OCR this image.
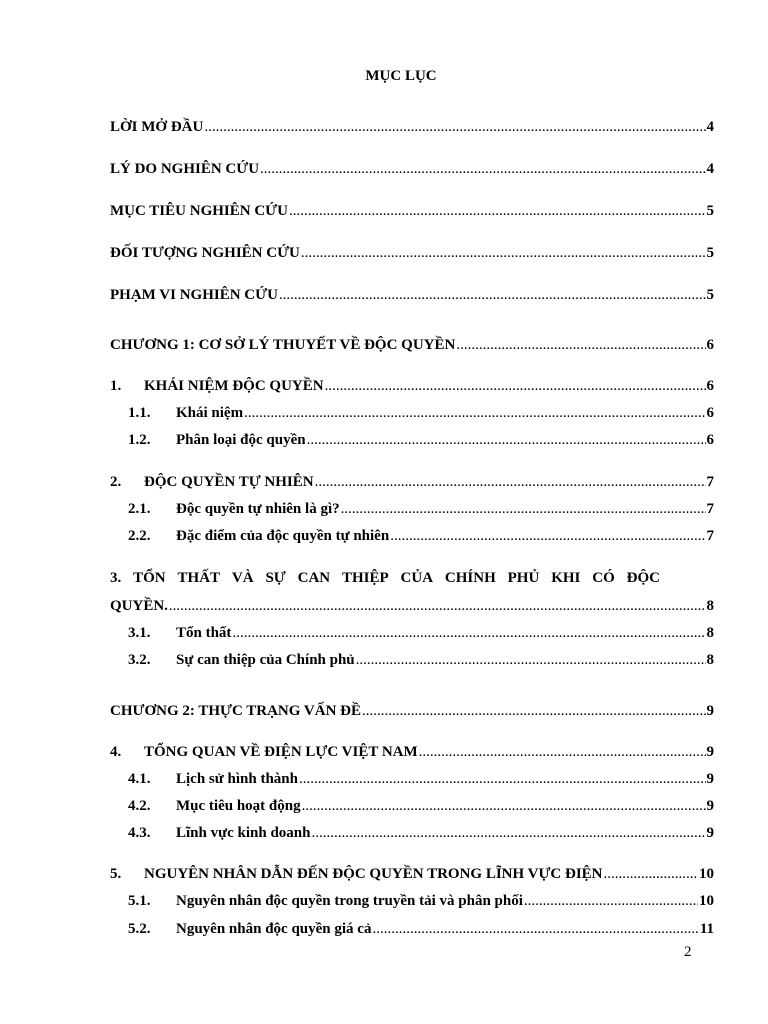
MỤC LỤC
LỜI MỞ ĐẦU .....	4
LÝ DO NGHIÊN CỨU .....	4
MỤC TIÊU NGHIÊN CỨU .....	5
ĐỐI TƯỢNG NGHIÊN CỨU .....	5
PHẠM VI NGHIÊN CỨU .....	5
CHƯƠNG 1: CƠ SỞ LÝ THUYẾT VỀ ĐỘC QUYỀN .....	6
1.	KHÁI NIỆM ĐỘC QUYỀN .....	6
1.1.	Khái niệm .....	6
1.2.	Phân loại độc quyền .....	6
2.	ĐỘC QUYỀN TỰ NHIÊN .....	7
2.1.	Độc quyền tự nhiên là gì? .....	7
2.2.	Đặc điểm của độc quyền tự nhiên .....	7
3. TỔN THẤT VÀ SỰ CAN THIỆP CỦA CHÍNH PHỦ KHI CÓ ĐỘC
QUYỀN. .....	8
3.1.	Tổn thất .....	8
3.2.	Sự can thiệp của Chính phủ .....	8
CHƯƠNG 2: THỰC TRẠNG VẤN ĐỀ .....	9
4.	TỔNG QUAN VỀ ĐIỆN LỰC VIỆT NAM .....	9
4.1.	Lịch sử hình thành .....	9
4.2.	Mục tiêu hoạt động .....	9
4.3.	Lĩnh vực kinh doanh .....	9
5.	NGUYÊN NHÂN DẪN ĐẾN ĐỘC QUYỀN TRONG LĨNH VỰC ĐIỆN .....	10
5.1.	Nguyên nhân độc quyền trong truyền tải và phân phối .....	10
5.2.	Nguyên nhân độc quyền giá cả .....	11
2
